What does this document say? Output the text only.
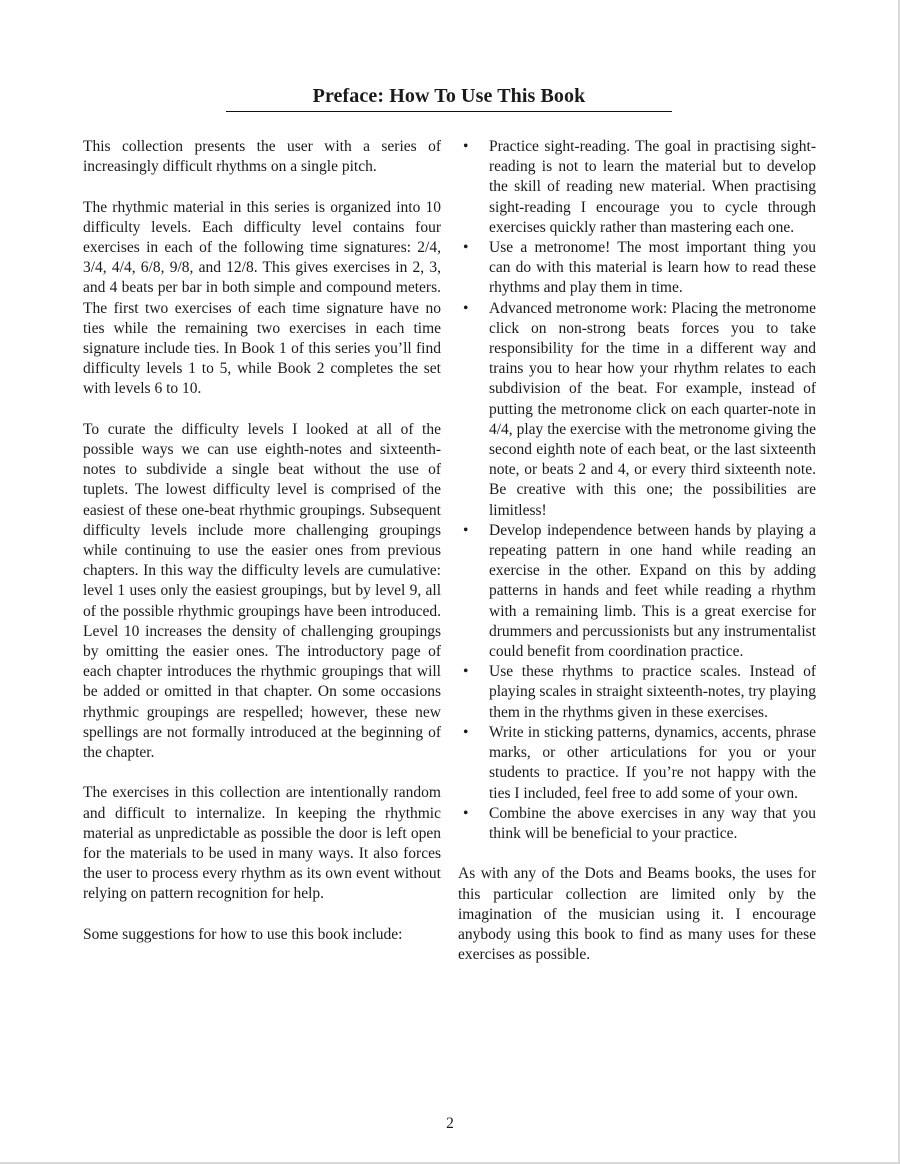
Preface: How To Use This Book

This collection presents the user with a series of increasingly difficult rhythms on a single pitch.

The rhythmic material in this series is organized into 10 difficulty levels. Each difficulty level contains four exercises in each of the following time signatures: 2/4, 3/4, 4/4, 6/8, 9/8, and 12/8. This gives exercises in 2, 3, and 4 beats per bar in both simple and compound meters. The first two exercises of each time signature have no ties while the remaining two exercises in each time signature include ties. In Book 1 of this series you’ll find difficulty levels 1 to 5, while Book 2 completes the set with levels 6 to 10.

To curate the difficulty levels I looked at all of the possible ways we can use eighth-notes and sixteenth-notes to subdivide a single beat without the use of tuplets. The lowest difficulty level is comprised of the easiest of these one-beat rhythmic groupings. Subsequent difficulty levels include more challenging groupings while continuing to use the easier ones from previous chapters. In this way the difficulty levels are cumulative: level 1 uses only the easiest groupings, but by level 9, all of the possible rhythmic groupings have been introduced. Level 10 increases the density of challenging groupings by omitting the easier ones. The introductory page of each chapter introduces the rhythmic groupings that will be added or omitted in that chapter. On some occasions rhythmic groupings are respelled; however, these new spellings are not formally introduced at the beginning of the chapter.

The exercises in this collection are intentionally random and difficult to internalize. In keeping the rhythmic material as unpredictable as possible the door is left open for the materials to be used in many ways. It also forces the user to process every rhythm as its own event without relying on pattern recognition for help.

Some suggestions for how to use this book include:

• Practice sight-reading. The goal in practising sight-reading is not to learn the material but to develop the skill of reading new material. When practising sight-reading I encourage you to cycle through exercises quickly rather than mastering each one.
• Use a metronome! The most important thing you can do with this material is learn how to read these rhythms and play them in time.
• Advanced metronome work: Placing the metronome click on non-strong beats forces you to take responsibility for the time in a different way and trains you to hear how your rhythm relates to each subdivision of the beat. For example, instead of putting the metronome click on each quarter-note in 4/4, play the exercise with the metronome giving the second eighth note of each beat, or the last sixteenth note, or beats 2 and 4, or every third sixteenth note. Be creative with this one; the possibilities are limitless!
• Develop independence between hands by playing a repeating pattern in one hand while reading an exercise in the other. Expand on this by adding patterns in hands and feet while reading a rhythm with a remaining limb. This is a great exercise for drummers and percussionists but any instrumentalist could benefit from coordination practice.
• Use these rhythms to practice scales. Instead of playing scales in straight sixteenth-notes, try playing them in the rhythms given in these exercises.
• Write in sticking patterns, dynamics, accents, phrase marks, or other articulations for you or your students to practice. If you’re not happy with the ties I included, feel free to add some of your own.
• Combine the above exercises in any way that you think will be beneficial to your practice.

As with any of the Dots and Beams books, the uses for this particular collection are limited only by the imagination of the musician using it. I encourage anybody using this book to find as many uses for these exercises as possible.

2
